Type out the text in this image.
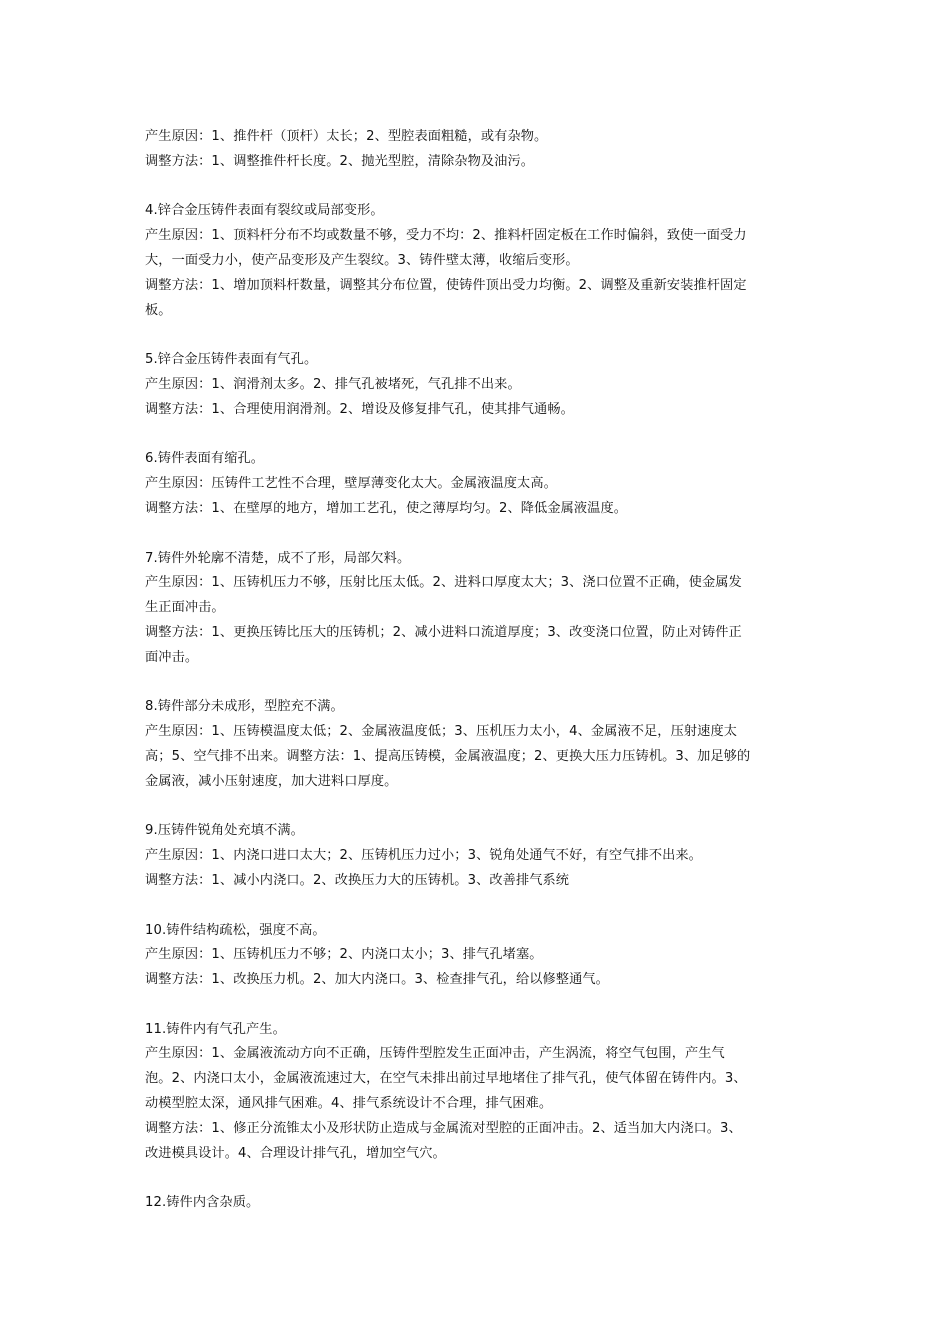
产生原因：1、推件杆（顶杆）太长；2、型腔表面粗糙，或有杂物。
调整方法：1、调整推件杆长度。2、抛光型腔，清除杂物及油污。
4.锌合金压铸件表面有裂纹或局部变形。
产生原因：1、顶料杆分布不均或数量不够，受力不均：2、推料杆固定板在工作时偏斜，致使一面受力
大，一面受力小，使产品变形及产生裂纹。3、铸件壁太薄，收缩后变形。
调整方法：1、增加顶料杆数量，调整其分布位置，使铸件顶出受力均衡。2、调整及重新安装推杆固定
板。
5.锌合金压铸件表面有气孔。
产生原因：1、润滑剂太多。2、排气孔被堵死，气孔排不出来。
调整方法：1、合理使用润滑剂。2、增设及修复排气孔，使其排气通畅。
6.铸件表面有缩孔。
产生原因：压铸件工艺性不合理，壁厚薄变化太大。金属液温度太高。
调整方法：1、在壁厚的地方，增加工艺孔，使之薄厚均匀。2、降低金属液温度。
7.铸件外轮廓不清楚，成不了形，局部欠料。
产生原因：1、压铸机压力不够，压射比压太低。2、进料口厚度太大；3、浇口位置不正确，使金属发
生正面冲击。
调整方法：1、更换压铸比压大的压铸机；2、减小进料口流道厚度；3、改变浇口位置，防止对铸件正
面冲击。
8.铸件部分未成形，型腔充不满。
产生原因：1、压铸模温度太低；2、金属液温度低；3、压机压力太小，4、金属液不足，压射速度太
高；5、空气排不出来。调整方法：1、提高压铸模，金属液温度；2、更换大压力压铸机。3、加足够的
金属液，减小压射速度，加大进料口厚度。
9.压铸件锐角处充填不满。
产生原因：1、内浇口进口太大；2、压铸机压力过小；3、锐角处通气不好，有空气排不出来。
调整方法：1、减小内浇口。2、改换压力大的压铸机。3、改善排气系统
10.铸件结构疏松，强度不高。
产生原因：1、压铸机压力不够；2、内浇口太小；3、排气孔堵塞。
调整方法：1、改换压力机。2、加大内浇口。3、检查排气孔，给以修整通气。
11.铸件内有气孔产生。
产生原因：1、金属液流动方向不正确，压铸件型腔发生正面冲击，产生涡流，将空气包围，产生气
泡。2、内浇口太小，金属液流速过大，在空气未排出前过早地堵住了排气孔，使气体留在铸件内。3、
动模型腔太深，通风排气困难。4、排气系统设计不合理，排气困难。
调整方法：1、修正分流锥太小及形状防止造成与金属流对型腔的正面冲击。2、适当加大内浇口。3、
改进模具设计。4、合理设计排气孔，增加空气穴。
12.铸件内含杂质。
